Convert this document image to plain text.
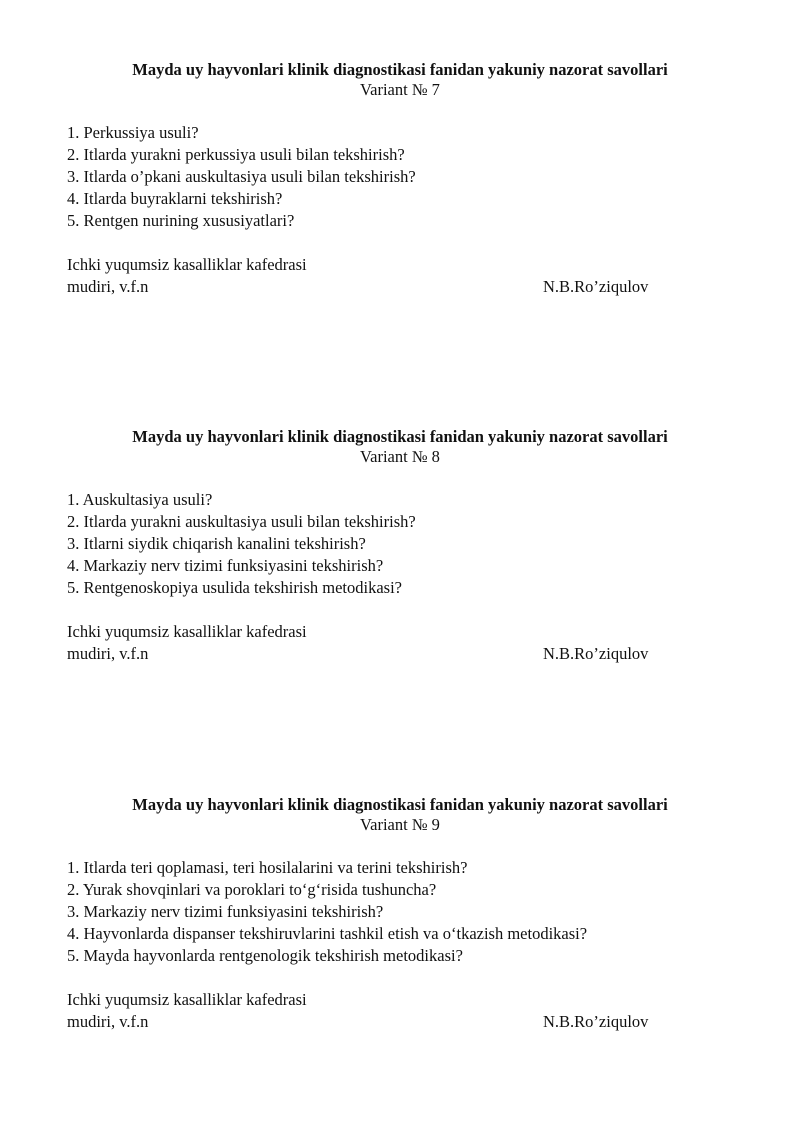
Mayda uy hayvonlari klinik diagnostikasi fanidan yakuniy nazorat savollari

Variant № 7

1. Perkussiya usuli?
2. Itlarda yurakni perkussiya usuli bilan tekshirish?
3. Itlarda o’pkani auskultasiya usuli bilan tekshirish?
4. Itlarda buyraklarni tekshirish?
5. Rentgen nurining xususiyatlari?
Ichki yuqumsiz kasalliklar kafedrasi
mudiri, v.f.n	N.B.Ro’ziqulov

Mayda uy hayvonlari klinik diagnostikasi fanidan yakuniy nazorat savollari

Variant № 8

1. Auskultasiya usuli?
2. Itlarda yurakni auskultasiya usuli bilan tekshirish?
3. Itlarni siydik chiqarish kanalini tekshirish?
4. Markaziy nerv tizimi funksiyasini tekshirish?
5. Rentgenoskopiya usulida tekshirish metodikasi?
Ichki yuqumsiz kasalliklar kafedrasi
mudiri, v.f.n	N.B.Ro’ziqulov

Mayda uy hayvonlari klinik diagnostikasi fanidan yakuniy nazorat savollari

Variant № 9

1. Itlarda teri qoplamasi, teri hosilalarini va terini tekshirish?
2. Yurak shovqinlari va poroklari to‘g‘risida tushuncha?
3. Markaziy nerv tizimi funksiyasini tekshirish?
4. Hayvonlarda dispanser tekshiruvlarini tashkil etish va o‘tkazish metodikasi?
5. Mayda hayvonlarda rentgenologik tekshirish metodikasi?
Ichki yuqumsiz kasalliklar kafedrasi
mudiri, v.f.n	N.B.Ro’ziqulov
